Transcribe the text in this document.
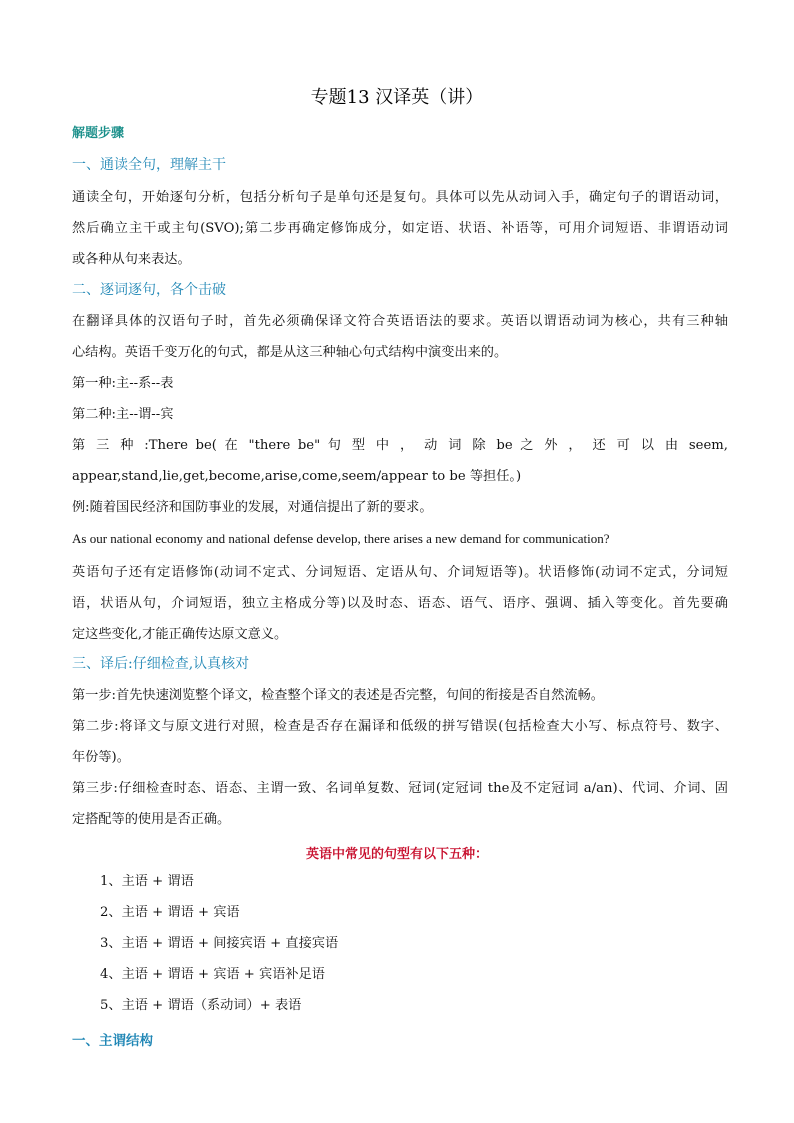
专题13 汉译英（讲）
解题步骤
一、通读全句，理解主干
通读全句，开始逐句分析，包括分析句子是单句还是复句。具体可以先从动词入手，确定句子的谓语动词，
然后确立主干或主句(SVO);第二步再确定修饰成分，如定语、状语、补语等，可用介词短语、非谓语动词
或各种从句来表达。
二、逐词逐句，各个击破
在翻译具体的汉语句子时，首先必须确保译文符合英语语法的要求。英语以谓语动词为核心，共有三种轴
心结构。英语千变万化的句式，都是从这三种轴心句式结构中演变出来的。
第一种:主--系--表
第二种:主--谓--宾
第 三 种 :There be( 在 "there be" 句 型 中 ， 动 词 除 be 之 外 ， 还 可 以 由 seem,
appear,stand,lie,get,become,arise,come,seem/appear to be 等担任。)
例:随着国民经济和国防事业的发展，对通信提出了新的要求。
As our national economy and national defense develop, there arises a new demand for communication?
英语句子还有定语修饰(动词不定式、分词短语、定语从句、介词短语等)。状语修饰(动词不定式，分词短
语，状语从句，介词短语，独立主格成分等)以及时态、语态、语气、语序、强调、插入等变化。首先要确
定这些变化,才能正确传达原文意义。
三、译后:仔细检查,认真核对
第一步:首先快速浏览整个译文，检查整个译文的表述是否完整，句间的衔接是否自然流畅。
第二步:将译文与原文进行对照，检查是否存在漏译和低级的拼写错误(包括检查大小写、标点符号、数字、
年份等)。
第三步:仔细检查时态、语态、主谓一致、名词单复数、冠词(定冠词 the及不定冠词 a/an)、代词、介词、固
定搭配等的使用是否正确。
英语中常见的句型有以下五种：
1、主语 + 谓语
2、主语 + 谓语 + 宾语
3、主语 + 谓语 + 间接宾语 + 直接宾语
4、主语 + 谓语 + 宾语 + 宾语补足语
5、主语 + 谓语（系动词）+ 表语
一、主谓结构
